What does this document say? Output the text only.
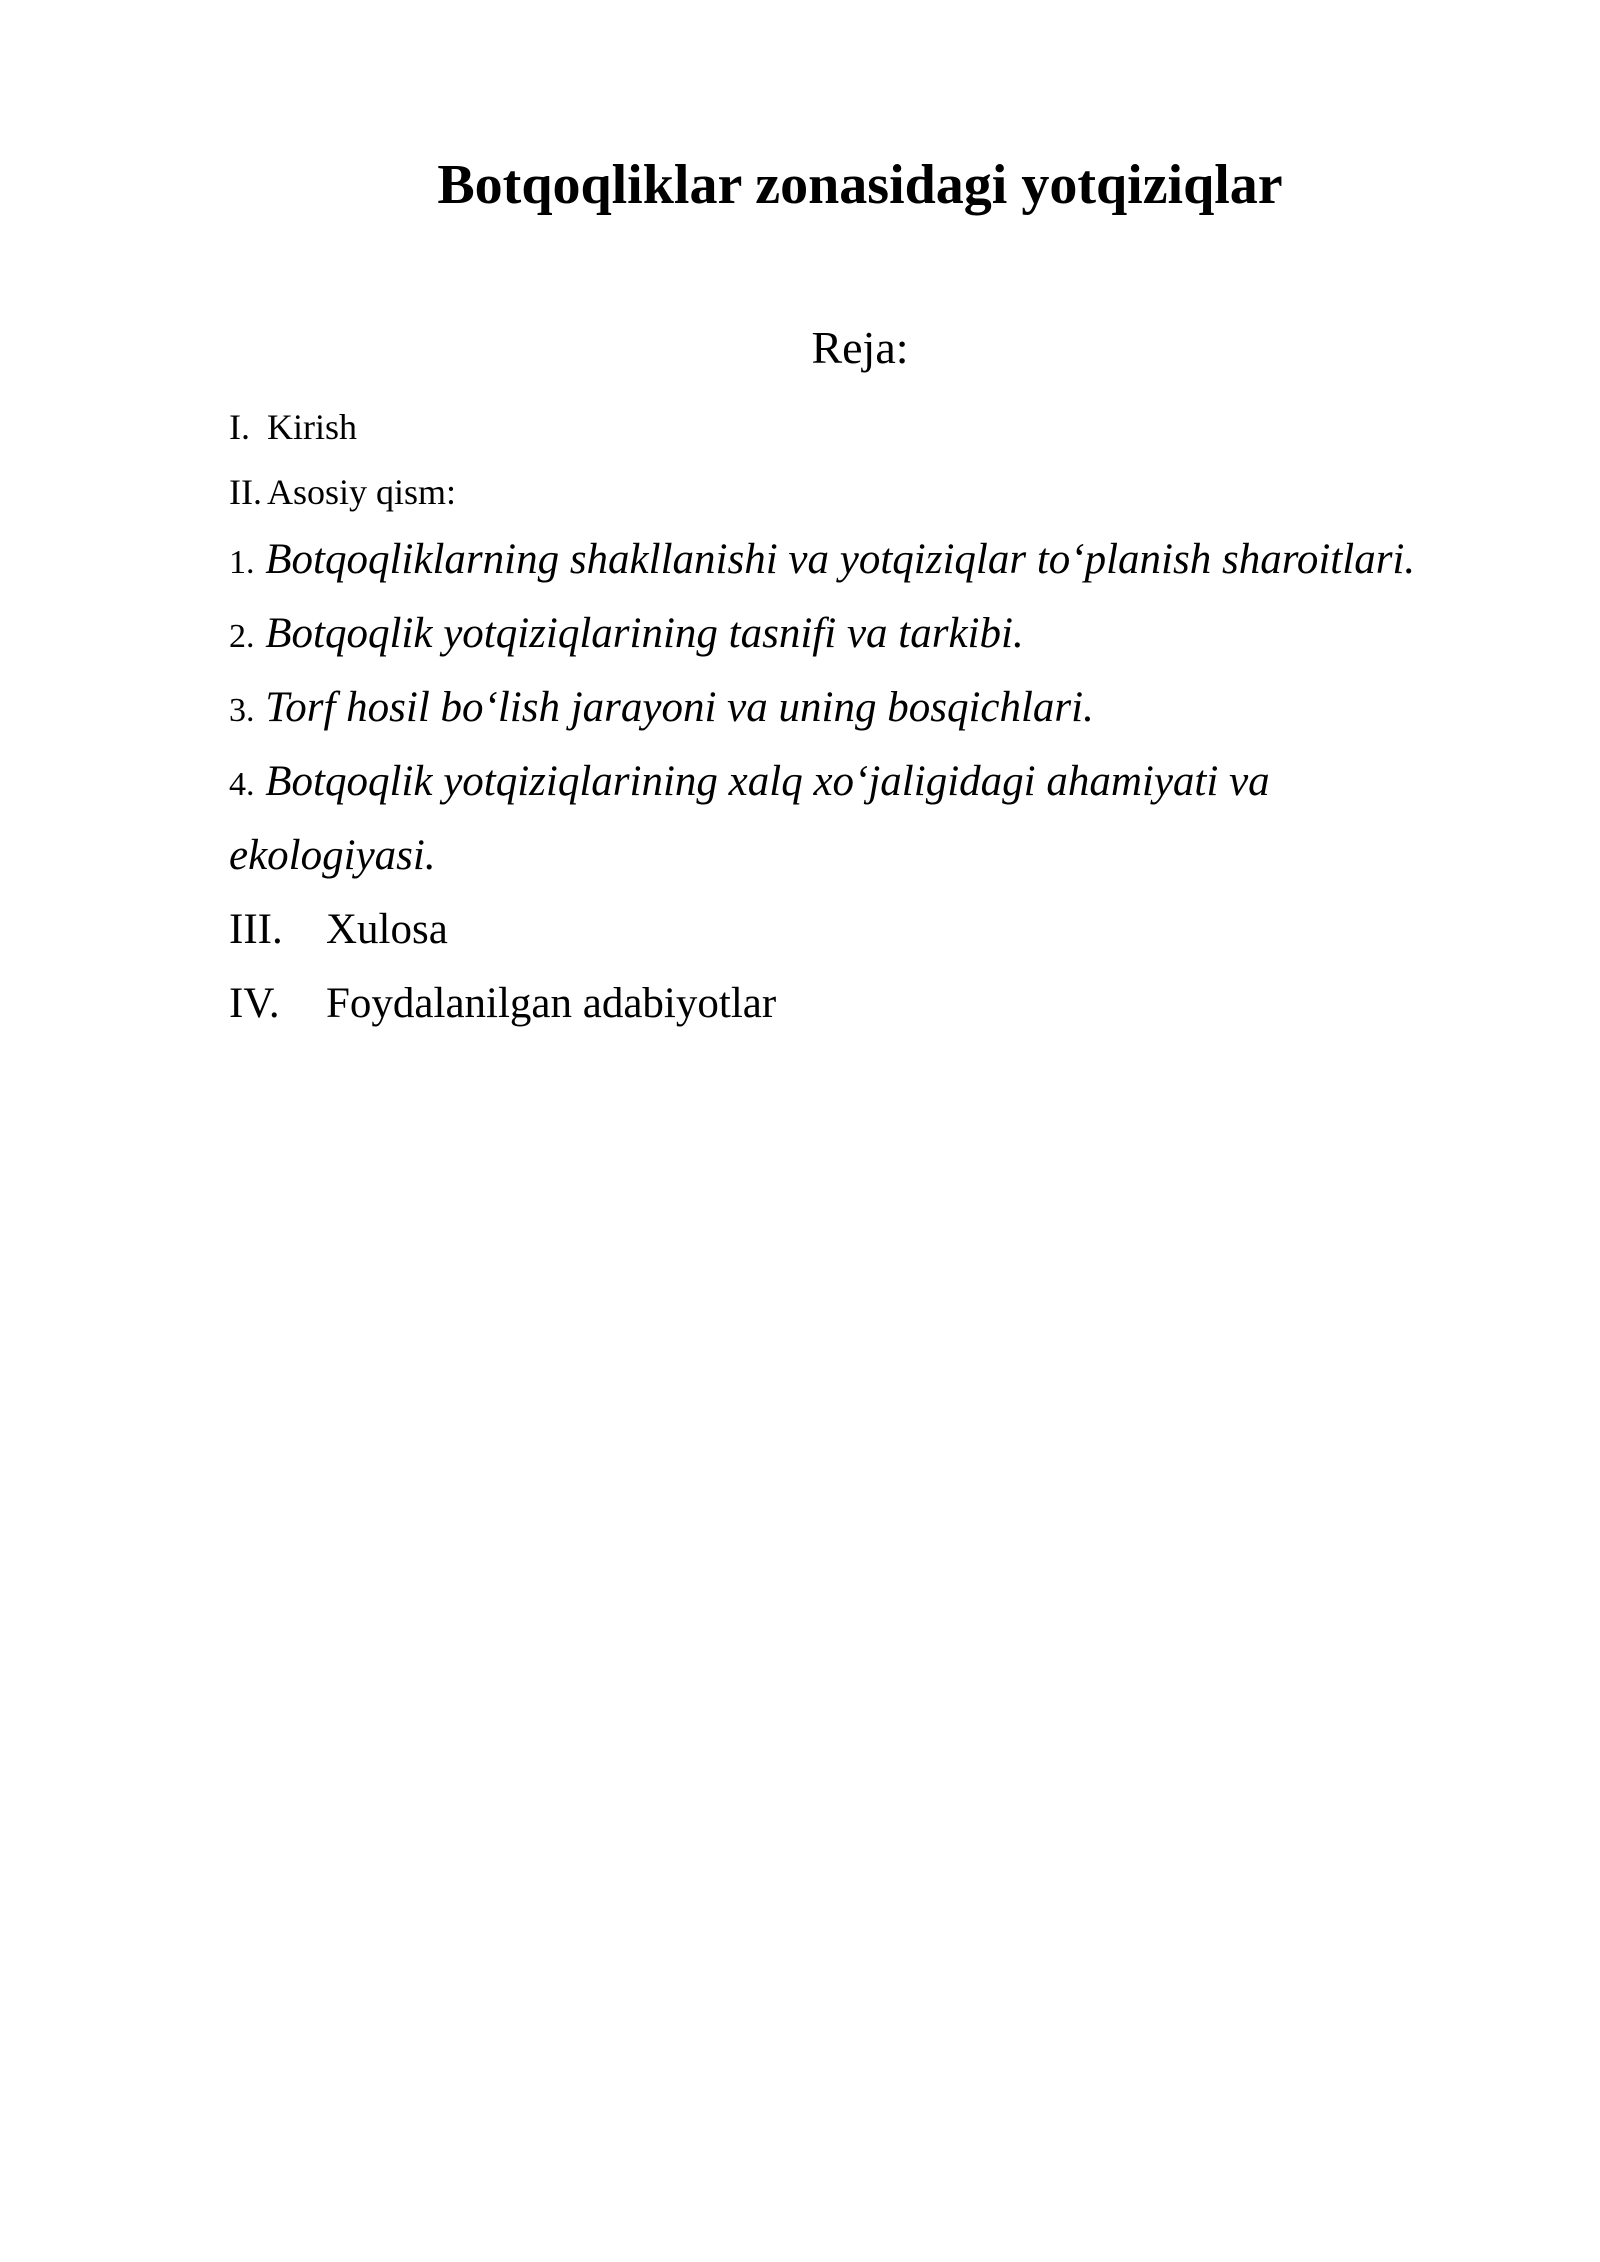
Botqoqliklar zonasidagi yotqiziqlar
Reja:
I. Kirish
II. Asosiy qism:
1. Botqoqliklarning shakllanishi va yotqiziqlar to‘planish sharoitlari.
2. Botqoqlik yotqiziqlarining tasnifi va tarkibi.
3. Torf hosil bo‘lish jarayoni va uning bosqichlari.
4. Botqoqlik yotqiziqlarining xalq xo‘jaligidagi ahamiyati va
ekologiyasi.
III. Xulosa
IV. Foydalanilgan adabiyotlar
